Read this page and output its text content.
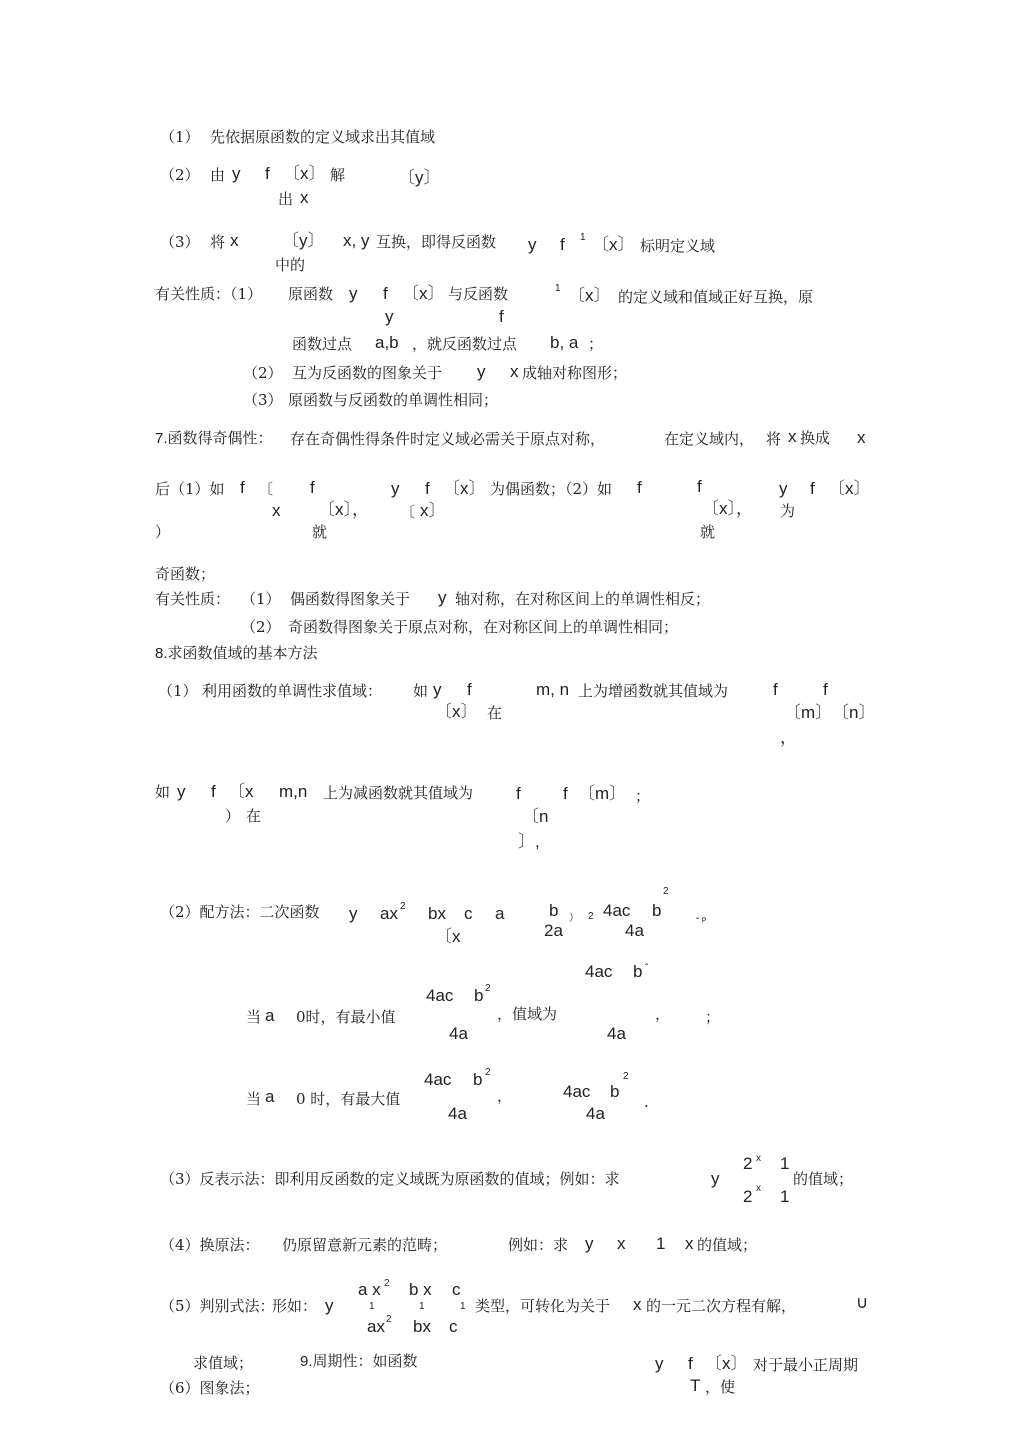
（1） 先依据原函数的定义域求出其值域
（2） 由 y f 〔x〕 解	〔y〕
出 x
（3） 将 x	〔y〕
中的
x, y 互换，即得反函数 y f 1 〔x〕 标明定义域
有关性质：（1） 原函数 y f 〔x〕 与反函数
y	f
1 〔x〕 的定义域和值域正好互换，原
函数过点 a,b ，就反函数过点 b, a ；
（2） 互为反函数的图象关于 y x 成轴对称图形；
（3） 原函数与反函数的单调性相同；
7.函数得奇偶性： 存在奇偶性得条件时定义域必需关于原点对称，	在定义域内， 将 x 换成 x
后（1）如 f 〔
x
）
f
〔x〕，
就
y f 〔x〕 为偶函数；（2）如 f
〔 x〕
f
〔x〕，
就
y f 〔x〕
为
奇函数；
有关性质： （1） 偶函数得图象关于 y 轴对称，在对称区间上的单调性相反；
（2） 奇函数得图象关于原点对称，在对称区间上的单调性相同；
8.求函数值域的基本方法
（1） 利用函数的单调性求值域： 如 y f
〔x〕 在
m, n 上为增函数就其值域为	f	f
〔m〕 〔n〕
，
如 y f 〔x
） 在
m,n 上为减函数就其值域为	f
〔n
〕,
f 〔m〕 ；
（2）配方法：二次函数 y ax 2 bx c a
〔x
b
2a
） 2 4ac b
2
4a	ˇ ᴾ
4ac b ˆ
当 a 0时，有最小值
4ac b 2
4a
，值域为
4a
， ；
当 a 0 时，有最大值
4ac b 2
4a
，	4ac b
2
4a
.
（3）反表示法：即利用反函数的定义域既为原函数的值域；例如：求	y
2 x 1
2 x 1
的值域；
（4）换原法： 仍原留意新元素的范畴；	例如：求 y x 1 x 的值域；
（5）判别式法：
形如： y
a x 2 b x c
1	1	1
ax 2 bx c
类型，可转化为关于 x 的一元二次方程有解，	∪
求值域；	9.周期性：如函数	y f 〔x〕 对于最小正周期
T ，使
（6）图象法；
